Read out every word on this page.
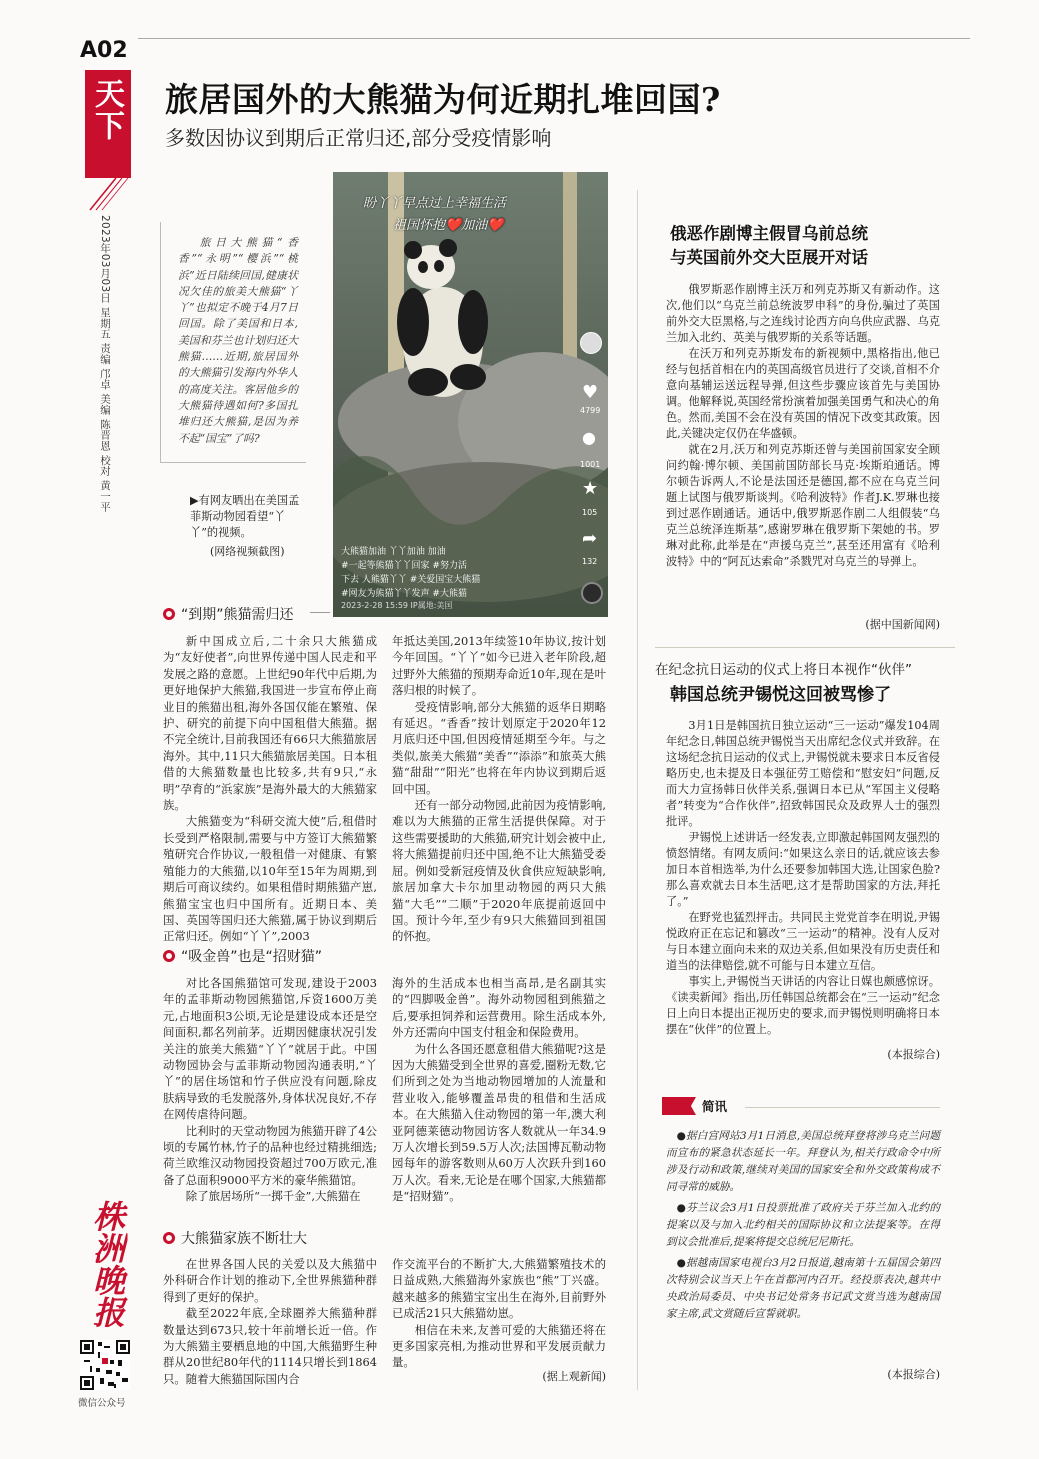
A02
天下
2023年03月03日 星期五 责编 邝卓 美编 陈晋恩 校对 黄一平
株洲晚报
微信公众号
旅居国外的大熊猫为何近期扎堆回国?
多数因协议到期后正常归还,部分受疫情影响
旅日大熊猫“香香”“永明”“樱浜”“桃浜”近日陆续回国,健康状况欠佳的旅美大熊猫“丫丫”也拟定不晚于4月7日回国。除了美国和日本,美国和芬兰也计划归还大熊猫……近期,旅居国外的大熊猫引发海内外华人的高度关注。客居他乡的大熊猫待遇如何?多国扎堆归还大熊猫,是因为养不起“国宝”了吗?
盼丫丫早点过上幸福生活
祖国怀抱❤️加油❤️
♥
4799
●
1001
★
105
➦
132
大熊猫加油 丫丫加油 加油
#一起等熊猫丫丫回家 #努力活
下去 人熊猫丫丫 #关爱国宝大熊猫
#网友为熊猫丫丫发声 #大熊猫
2023-2-28 15:59 IP属地:美国
▶有网友晒出在美国孟菲斯动物园看望“丫丫”的视频。
(网络视频截图)
“到期”熊猫需归还

新中国成立后,二十余只大熊猫成为“友好使者”,向世界传递中国人民走和平发展之路的意愿。上世纪90年代中后期,为更好地保护大熊猫,我国进一步宣布停止商业目的熊猫出租,海外各国仅能在繁殖、保护、研究的前提下向中国租借大熊猫。据不完全统计,目前我国还有66只大熊猫旅居海外。其中,11只大熊猫旅居美国。日本租借的大熊猫数量也比较多,共有9只,“永明”孕育的“浜家族”是海外最大的大熊猫家族。

大熊猫变为“科研交流大使”后,租借时长受到严格限制,需要与中方签订大熊猫繁殖研究合作协议,一般租借一对健康、有繁殖能力的大熊猫,以10年至15年为周期,到期后可商议续约。如果租借时期熊猫产崽,熊猫宝宝也归中国所有。近期日本、美国、英国等国归还大熊猫,属于协议到期后正常归还。例如“丫丫”,2003

年抵达美国,2013年续签10年协议,按计划今年回国。“丫丫”如今已进入老年阶段,超过野外大熊猫的预期寿命近10年,现在是叶落归根的时候了。

受疫情影响,部分大熊猫的返华日期略有延迟。“香香”按计划原定于2020年12月底归还中国,但因疫情延期至今年。与之类似,旅美大熊猫“美香”“添添”和旅英大熊猫“甜甜”“阳光”也将在年内协议到期后返回中国。

还有一部分动物园,此前因为疫情影响,难以为大熊猫的正常生活提供保障。对于这些需要援助的大熊猫,研究计划会被中止,将大熊猫提前归还中国,绝不让大熊猫受委屈。例如受新冠疫情及伙食供应短缺影响,旅居加拿大卡尔加里动物园的两只大熊猫“大毛”“二顺”于2020年底提前返回中国。预计今年,至少有9只大熊猫回到祖国的怀抱。

“吸金兽”也是“招财猫”

对比各国熊猫馆可发现,建设于2003年的孟菲斯动物园熊猫馆,斥资1600万美元,占地面积3公顷,无论是建设成本还是空间面积,都名列前茅。近期因健康状况引发关注的旅美大熊猫“丫丫”就居于此。中国动物园协会与孟菲斯动物园沟通表明,“丫丫”的居住场馆和竹子供应没有问题,除皮肤病导致的毛发脱落外,身体状况良好,不存在网传虐待问题。

比利时的天堂动物园为熊猫开辟了4公顷的专属竹林,竹子的品种也经过精挑细选;荷兰欧维汉动物园投资超过700万欧元,准备了总面积9000平方米的豪华熊猫馆。

除了旅居场所“一掷千金”,大熊猫在

海外的生活成本也相当高昂,是名副其实的“四脚吸金兽”。海外动物园租到熊猫之后,要承担饲养和运营费用。除生活成本外,外方还需向中国支付租金和保险费用。

为什么各国还愿意租借大熊猫呢?这是因为大熊猫受到全世界的喜爱,圈粉无数,它们所到之处为当地动物园增加的人流量和营业收入,能够覆盖昂贵的租借和生活成本。在大熊猫入住动物园的第一年,澳大利亚阿德莱德动物园访客人数就从一年34.9万人次增长到59.5万人次;法国博瓦勒动物园每年的游客数则从60万人次跃升到160万人次。看来,无论是在哪个国家,大熊猫都是“招财猫”。

大熊猫家族不断壮大

在世界各国人民的关爱以及大熊猫中外科研合作计划的推动下,全世界熊猫种群得到了更好的保护。

截至2022年底,全球圈养大熊猫种群数量达到673只,较十年前增长近一倍。作为大熊猫主要栖息地的中国,大熊猫野生种群从20世纪80年代的1114只增长到1864只。随着大熊猫国际国内合

作交流平台的不断扩大,大熊猫繁殖技术的日益成熟,大熊猫海外家族也“熊”丁兴盛。越来越多的熊猫宝宝出生在海外,目前野外已成活21只大熊猫幼崽。

相信在未来,友善可爱的大熊猫还将在更多国家亮相,为推动世界和平发展贡献力量。

(据上观新闻)
俄恶作剧博主假冒乌前总统
与英国前外交大臣展开对话

俄罗斯恶作剧博主沃万和列克苏斯又有新动作。这次,他们以“乌克兰前总统波罗申科”的身份,骗过了英国前外交大臣黑格,与之连线讨论西方向乌供应武器、乌克兰加入北约、英美与俄罗斯的关系等话题。

在沃万和列克苏斯发布的新视频中,黑格指出,他已经与包括首相在内的英国高级官员进行了交谈,首相不介意向基辅运送远程导弹,但这些步骤应该首先与美国协调。他解释说,英国经常扮演着加强美国勇气和决心的角色。然而,美国不会在没有英国的情况下改变其政策。因此,关键决定仅仍在华盛顿。

就在2月,沃万和列克苏斯还曾与美国前国家安全顾问约翰·博尔顿、美国前国防部长马克·埃斯珀通话。博尔顿告诉两人,不论是法国还是德国,都不应在乌克兰问题上试图与俄罗斯谈判。《哈利波特》作者J.K.罗琳也接到过恶作剧通话。通话中,俄罗斯恶作剧二人组假装“乌克兰总统泽连斯基”,感谢罗琳在俄罗斯下架她的书。罗琳对此称,此举是在“声援乌克兰”,甚至还用富有《哈利波特》中的“阿瓦达索命”杀戮咒对乌克兰的导弹上。

(据中国新闻网)
在纪念抗日运动的仪式上将日本视作“伙伴”
韩国总统尹锡悦这回被骂惨了

3月1日是韩国抗日独立运动“三一运动”爆发104周年纪念日,韩国总统尹锡悦当天出席纪念仪式并致辞。在这场纪念抗日运动的仪式上,尹锡悦就未要求日本反省侵略历史,也未提及日本强征劳工赔偿和“慰安妇”问题,反而大力宣扬韩日伙伴关系,强调日本已从“军国主义侵略者”转变为“合作伙伴”,招致韩国民众及政界人士的强烈批评。

尹锡悦上述讲话一经发表,立即激起韩国网友强烈的愤怒情绪。有网友质问:“如果这么亲日的话,就应该去参加日本首相选举,为什么还要参加韩国大选,让国家色脸?那么喜欢就去日本生活吧,这才是帮助国家的方法,拜托了。”

在野党也猛烈抨击。共同民主党党首李在明说,尹锡悦政府正在忘记和篡改“三一运动”的精神。没有人反对与日本建立面向未来的双边关系,但如果没有历史责任和道当的法律赔偿,就不可能与日本建立互信。

事实上,尹锡悦当天讲话的内容让日媒也颇感惊讶。《读卖新闻》指出,历任韩国总统都会在“三一运动”纪念日上向日本提出正视历史的要求,而尹锡悦则明确将日本摆在“伙伴”的位置上。

(本报综合)
简讯

●据白宫网站3月1日消息,美国总统拜登将涉乌克兰问题而宣布的紧急状态延长一年。拜登认为,相关行政命令中所涉及行动和政策,继续对美国的国家安全和外交政策构成不同寻常的威胁。

●芬兰议会3月1日投票批准了政府关于芬兰加入北约的提案以及与加入北约相关的国际协议和立法提案等。在得到议会批准后,提案将提交总统尼尼斯托。

●据越南国家电视台3月2日报道,越南第十五届国会第四次特别会议当天上午在首都河内召开。经投票表决,越共中央政治局委员、中央书记处常务书记武文赏当选为越南国家主席,武文赏随后宣誓就职。

(本报综合)
